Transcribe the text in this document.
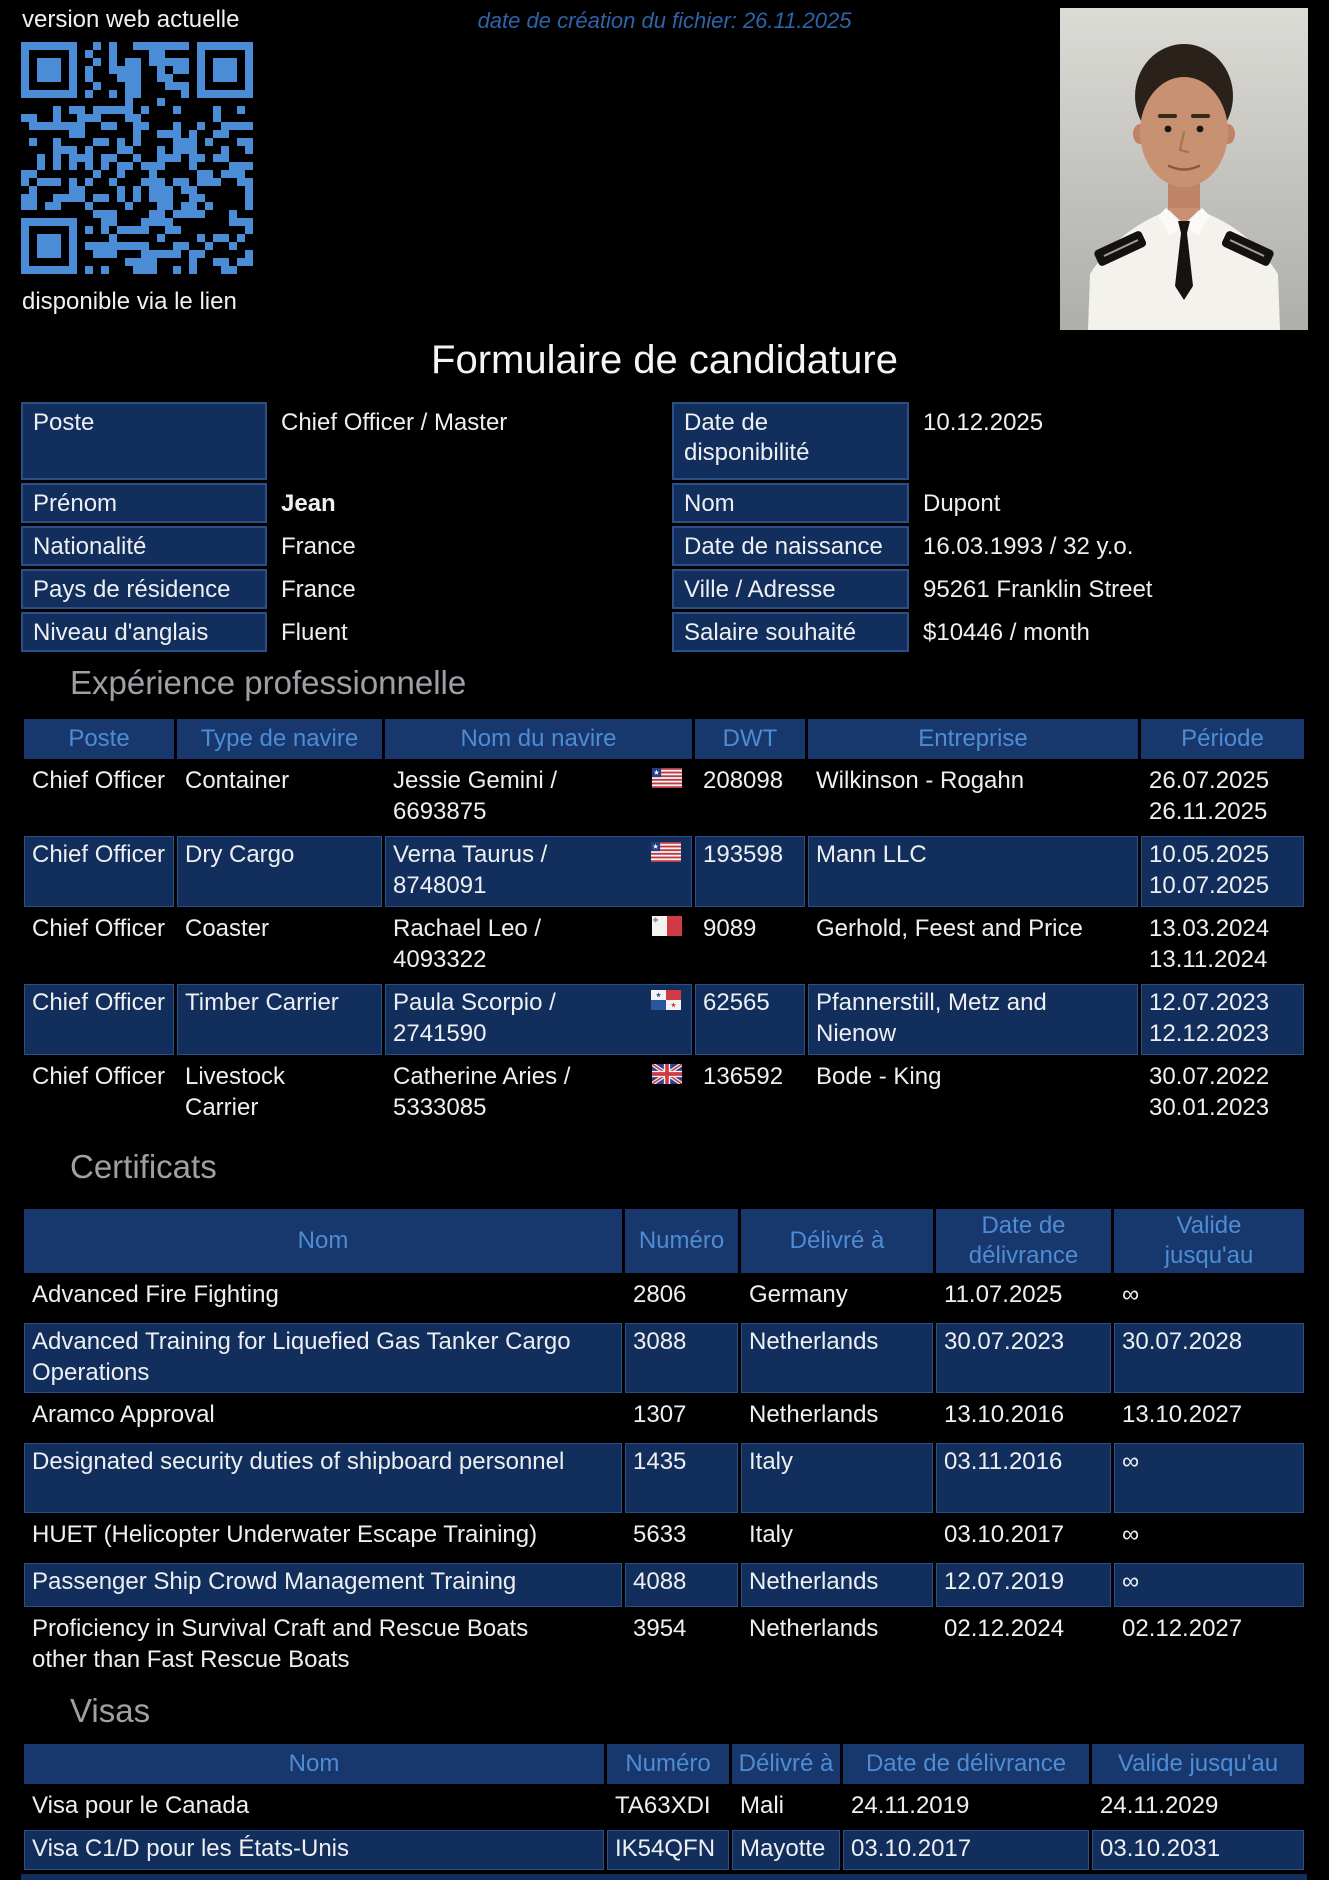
version web actuelle
disponible via le lien
date de création du fichier: 26.11.2025
Formulaire de candidature
Poste	Chief Officer / Master
Prénom	Jean
Nationalité	France
Pays de résidence	France
Niveau d'anglais	Fluent
Date de disponibilité
10.12.2025
Nom	Dupont
Date de naissance	16.03.1993 / 32 y.o.
Ville / Adresse	95261 Franklin Street
Salaire souhaité	$10446 / month
Expérience professionnelle
Poste	Type de navire	Nom du navire	DWT	Entreprise	Période
Chief Officer	Container	Jessie Gemini / 6693875	208098	Wilkinson - Rogahn	26.07.2025
26.11.2025

Chief Officer	Dry Cargo	Verna Taurus / 8748091	193598	Mann LLC	10.05.2025
10.07.2025

Chief Officer	Coaster	Rachael Leo / 4093322	9089	Gerhold, Feest and Price	13.03.2024
13.11.2024

Chief Officer	Timber Carrier	Paula Scorpio / 2741590	62565	Pfannerstill, Metz and Nienow	12.07.2023
12.12.2023

Chief Officer	Livestock Carrier	Catherine Aries / 5333085	136592	Bode - King	30.07.2022
30.01.2023
Certificats
Nom	Numéro	Délivré à	Date de délivrance	Valide jusqu'au
Advanced Fire Fighting	2806	Germany	11.07.2025	∞
Advanced Training for Liquefied Gas Tanker Cargo Operations	3088	Netherlands	30.07.2023	30.07.2028
Aramco Approval	1307	Netherlands	13.10.2016	13.10.2027
Designated security duties of shipboard personnel	1435	Italy	03.11.2016	∞
HUET (Helicopter Underwater Escape Training)	5633	Italy	03.10.2017	∞
Passenger Ship Crowd Management Training	4088	Netherlands	12.07.2019	∞
Proficiency in Survival Craft and Rescue Boats other than Fast Rescue Boats	3954	Netherlands	02.12.2024	02.12.2027
Visas
Nom	Numéro	Délivré à	Date de délivrance	Valide jusqu'au
Visa pour le Canada	TA63XDI	Mali	24.11.2019	24.11.2029
Visa C1/D pour les États-Unis	IK54QFN	Mayotte	03.10.2017	03.10.2031
